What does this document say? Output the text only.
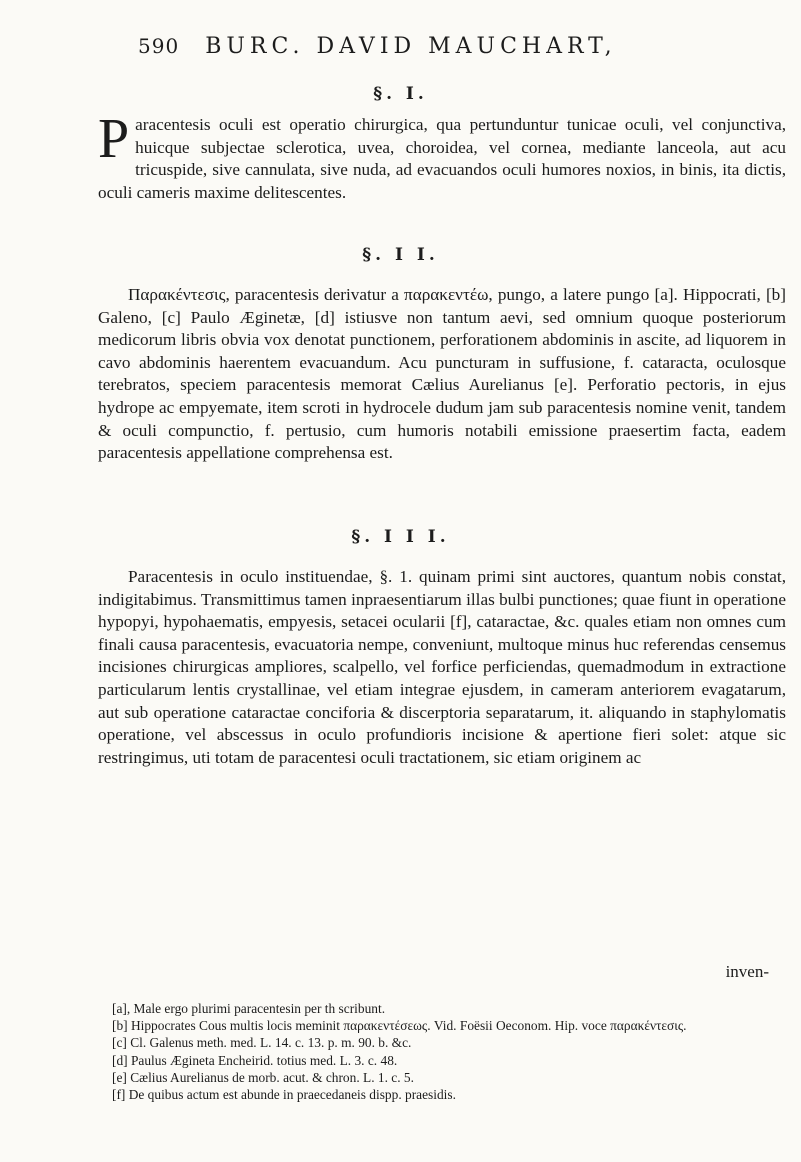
590 BURC. DAVID MAUCHART,
§. I.

Paracentesis oculi est operatio chirurgica, qua pertunduntur tunicae oculi, vel conjunctiva, huicque subjectae sclerotica, uvea, choroidea, vel cornea, mediante lanceola, aut acu tricuspide, sive cannulata, sive nuda, ad evacuandos oculi humores noxios, in binis, ita dictis, oculi cameris maxime delitescentes.

§. I I.

Παρακέντεσις, paracentesis derivatur a παρακεντέω, pungo, a latere pungo [a]. Hippocrati, [b] Galeno, [c] Paulo Æginetæ, [d] istiusve non tantum aevi, sed omnium quoque posteriorum medicorum libris obvia vox denotat punctionem, perforationem abdominis in ascite, ad liquorem in cavo abdominis haerentem evacuandum. Acu puncturam in suffusione, f. cataracta, oculosque terebratos, speciem paracentesis memorat Cælius Aurelianus [e]. Perforatio pectoris, in ejus hydrope ac empyemate, item scroti in hydrocele dudum jam sub paracentesis nomine venit, tandem & oculi compunctio, f. pertusio, cum humoris notabili emissione praesertim facta, eadem paracentesis appellatione comprehensa est.

§. I I I.

Paracentesis in oculo instituendae, §. 1. quinam primi sint auctores, quantum nobis constat, indigitabimus. Transmittimus tamen inpraesentiarum illas bulbi punctiones; quae fiunt in operatione hypopyi, hypohaematis, empyesis, setacei ocularii [f], cataractae, &c. quales etiam non omnes cum finali causa paracentesis, evacuatoria nempe, conveniunt, multoque minus huc referendas censemus incisiones chirurgicas ampliores, scalpello, vel forfice perficiendas, quemadmodum in extractione particularum lentis crystallinae, vel etiam integrae ejusdem, in cameram anteriorem evagatarum, aut sub operatione cataractae conciforia & discerptoria separatarum, it. aliquando in staphylomatis operatione, vel abscessus in oculo profundioris incisione & apertione fieri solet: atque sic restringimus, uti totam de paracentesi oculi tractationem, sic etiam originem ac

inven-
[a], Male ergo plurimi paracentesin per th scribunt.
[b] Hippocrates Cous multis locis meminit παρακεντέσεως. Vid. Foësii Oeconom. Hip. voce παρακέντεσις.
[c] Cl. Galenus meth. med. L. 14. c. 13. p. m. 90. b. &c.
[d] Paulus Ægineta Encheirid. totius med. L. 3. c. 48.
[e] Cælius Aurelianus de morb. acut. & chron. L. 1. c. 5.
[f] De quibus actum est abunde in praecedaneis dispp. praesidis.
